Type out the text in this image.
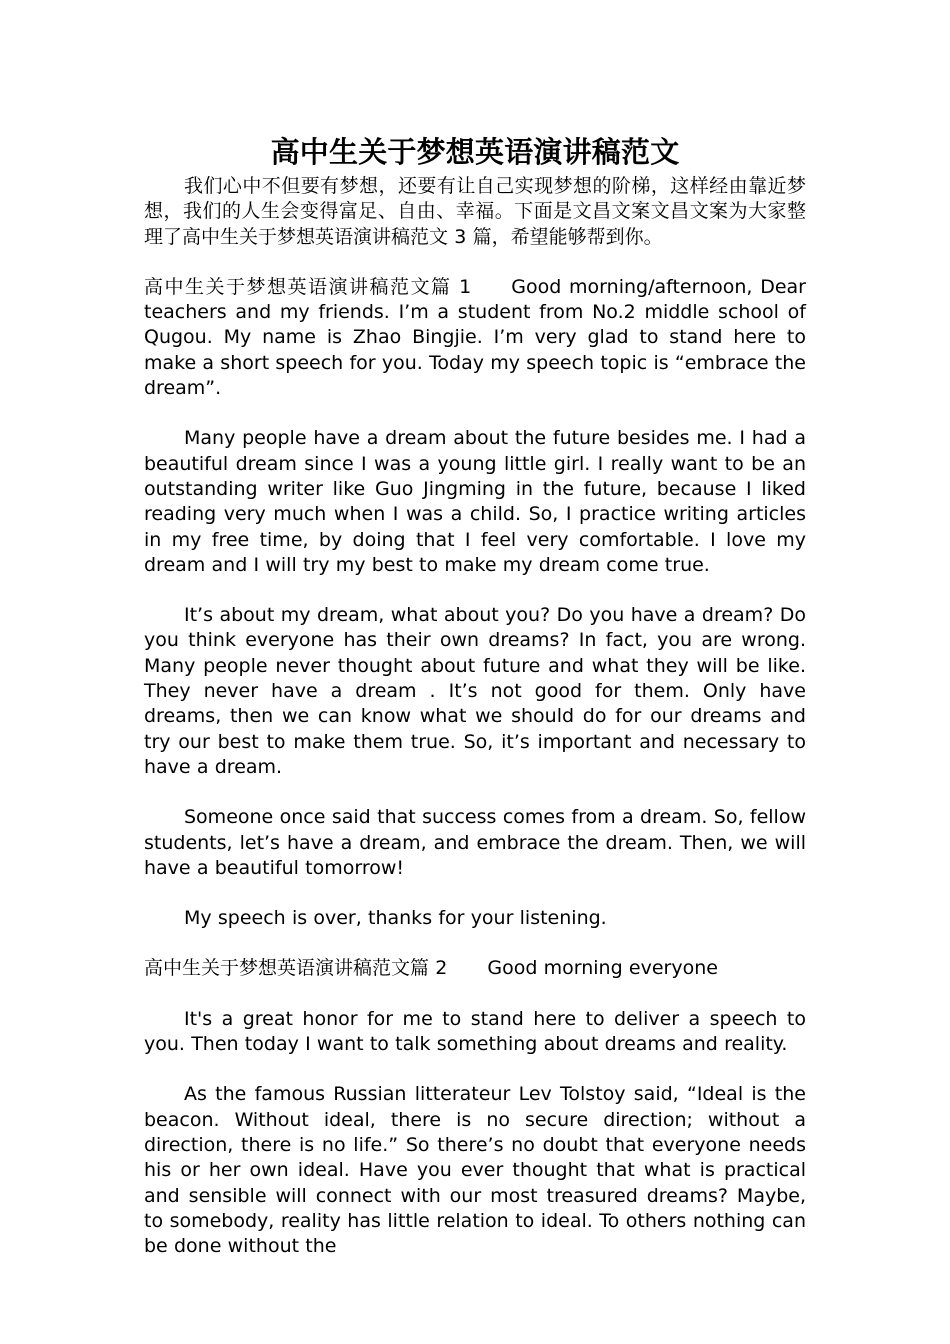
高中生关于梦想英语演讲稿范文

我们心中不但要有梦想，还要有让自己实现梦想的阶梯，这样经由靠近梦想，我们的人生会变得富足、自由、幸福。下面是文昌文案文昌文案为大家整理了高中生关于梦想英语演讲稿范文 3 篇，希望能够帮到你。

高中生关于梦想英语演讲稿范文篇 1 Good morning/afternoon, Dear teachers and my friends. I’m a student from No.2 middle school of Qugou. My name is Zhao Bingjie. I’m very glad to stand here to make a short speech for you. Today my speech topic is “embrace the dream”.

Many people have a dream about the future besides me. I had a beautiful dream since I was a young little girl. I really want to be an outstanding writer like Guo Jingming in the future, because I liked reading very much when I was a child. So, I practice writing articles in my free time, by doing that I feel very comfortable. I love my dream and I will try my best to make my dream come true.

It’s about my dream, what about you? Do you have a dream? Do you think everyone has their own dreams? In fact, you are wrong. Many people never thought about future and what they will be like. They never have a dream . It’s not good for them. Only have dreams, then we can know what we should do for our dreams and try our best to make them true. So, it’s important and necessary to have a dream.

Someone once said that success comes from a dream. So, fellow students, let’s have a dream, and embrace the dream. Then, we will have a beautiful tomorrow!

My speech is over, thanks for your listening.

高中生关于梦想英语演讲稿范文篇 2 Good morning everyone

It's a great honor for me to stand here to deliver a speech to you. Then today I want to talk something about dreams and reality.

As the famous Russian litterateur Lev Tolstoy said, “Ideal is the beacon. Without ideal, there is no secure direction; without a direction, there is no life.” So there’s no doubt that everyone needs his or her own ideal. Have you ever thought that what is practical and sensible will connect with our most treasured dreams? Maybe, to somebody, reality has little relation to ideal. To others nothing can be done without the
